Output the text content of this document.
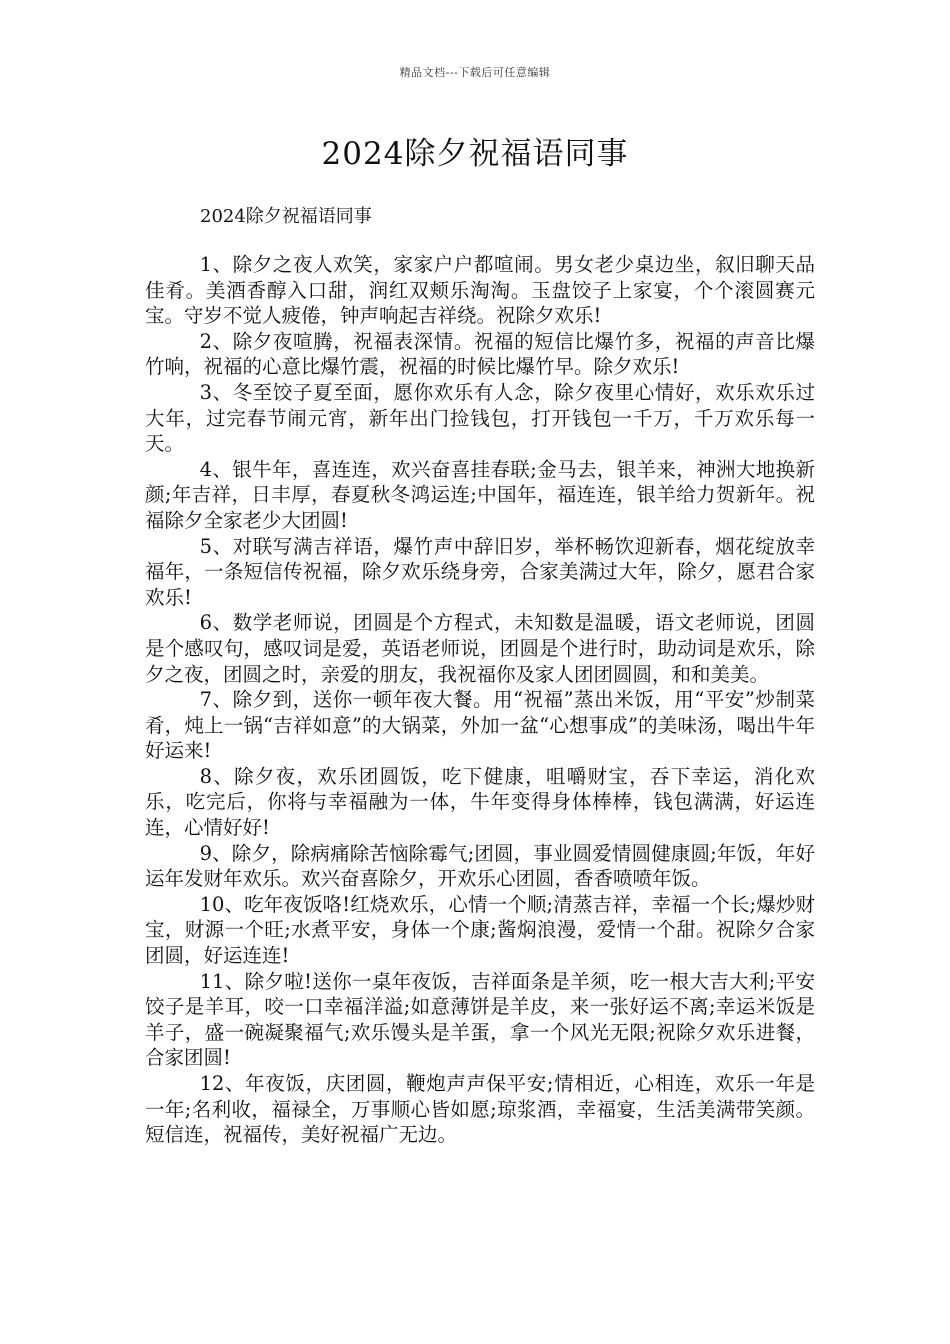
精品文档---下载后可任意编辑
2024除夕祝福语同事
2024除夕祝福语同事

1、除夕之夜人欢笑，家家户户都喧闹。男女老少桌边坐，叙旧聊天品佳肴。美酒香醇入口甜，润红双颊乐淘淘。玉盘饺子上家宴，个个滚圆赛元宝。守岁不觉人疲倦，钟声响起吉祥绕。祝除夕欢乐!

2、除夕夜喧腾，祝福表深情。祝福的短信比爆竹多，祝福的声音比爆竹响，祝福的心意比爆竹震，祝福的时候比爆竹早。除夕欢乐!

3、冬至饺子夏至面，愿你欢乐有人念，除夕夜里心情好，欢乐欢乐过大年，过完春节闹元宵，新年出门捡钱包，打开钱包一千万，千万欢乐每一天。

4、银牛年，喜连连，欢兴奋喜挂春联;金马去，银羊来，神洲大地换新颜;年吉祥，日丰厚，春夏秋冬鸿运连;中国年，福连连，银羊给力贺新年。祝福除夕全家老少大团圆!

5、对联写满吉祥语，爆竹声中辞旧岁，举杯畅饮迎新春，烟花绽放幸福年，一条短信传祝福，除夕欢乐绕身旁，合家美满过大年，除夕，愿君合家欢乐!

6、数学老师说，团圆是个方程式，未知数是温暖，语文老师说，团圆是个感叹句，感叹词是爱，英语老师说，团圆是个进行时，助动词是欢乐，除夕之夜，团圆之时，亲爱的朋友，我祝福你及家人团团圆圆，和和美美。

7、除夕到，送你一顿年夜大餐。用“祝福”蒸出米饭，用“平安”炒制菜肴，炖上一锅“吉祥如意”的大锅菜，外加一盆“心想事成”的美味汤，喝出牛年好运来!

8、除夕夜，欢乐团圆饭，吃下健康，咀嚼财宝，吞下幸运，消化欢乐，吃完后，你将与幸福融为一体，牛年变得身体棒棒，钱包满满，好运连连，心情好好!

9、除夕，除病痛除苦恼除霉气;团圆，事业圆爱情圆健康圆;年饭，年好运年发财年欢乐。欢兴奋喜除夕，开欢乐心团圆，香香喷喷年饭。

10、吃年夜饭咯!红烧欢乐，心情一个顺;清蒸吉祥，幸福一个长;爆炒财宝，财源一个旺;水煮平安，身体一个康;酱焖浪漫，爱情一个甜。祝除夕合家团圆，好运连连!

11、除夕啦!送你一桌年夜饭，吉祥面条是羊须，吃一根大吉大利;平安饺子是羊耳，咬一口幸福洋溢;如意薄饼是羊皮，来一张好运不离;幸运米饭是羊子，盛一碗凝聚福气;欢乐馒头是羊蛋，拿一个风光无限;祝除夕欢乐进餐，合家团圆!

12、年夜饭，庆团圆，鞭炮声声保平安;情相近，心相连，欢乐一年是一年;名利收，福禄全，万事顺心皆如愿;琼浆酒，幸福宴，生活美满带笑颜。短信连，祝福传，美好祝福广无边。
